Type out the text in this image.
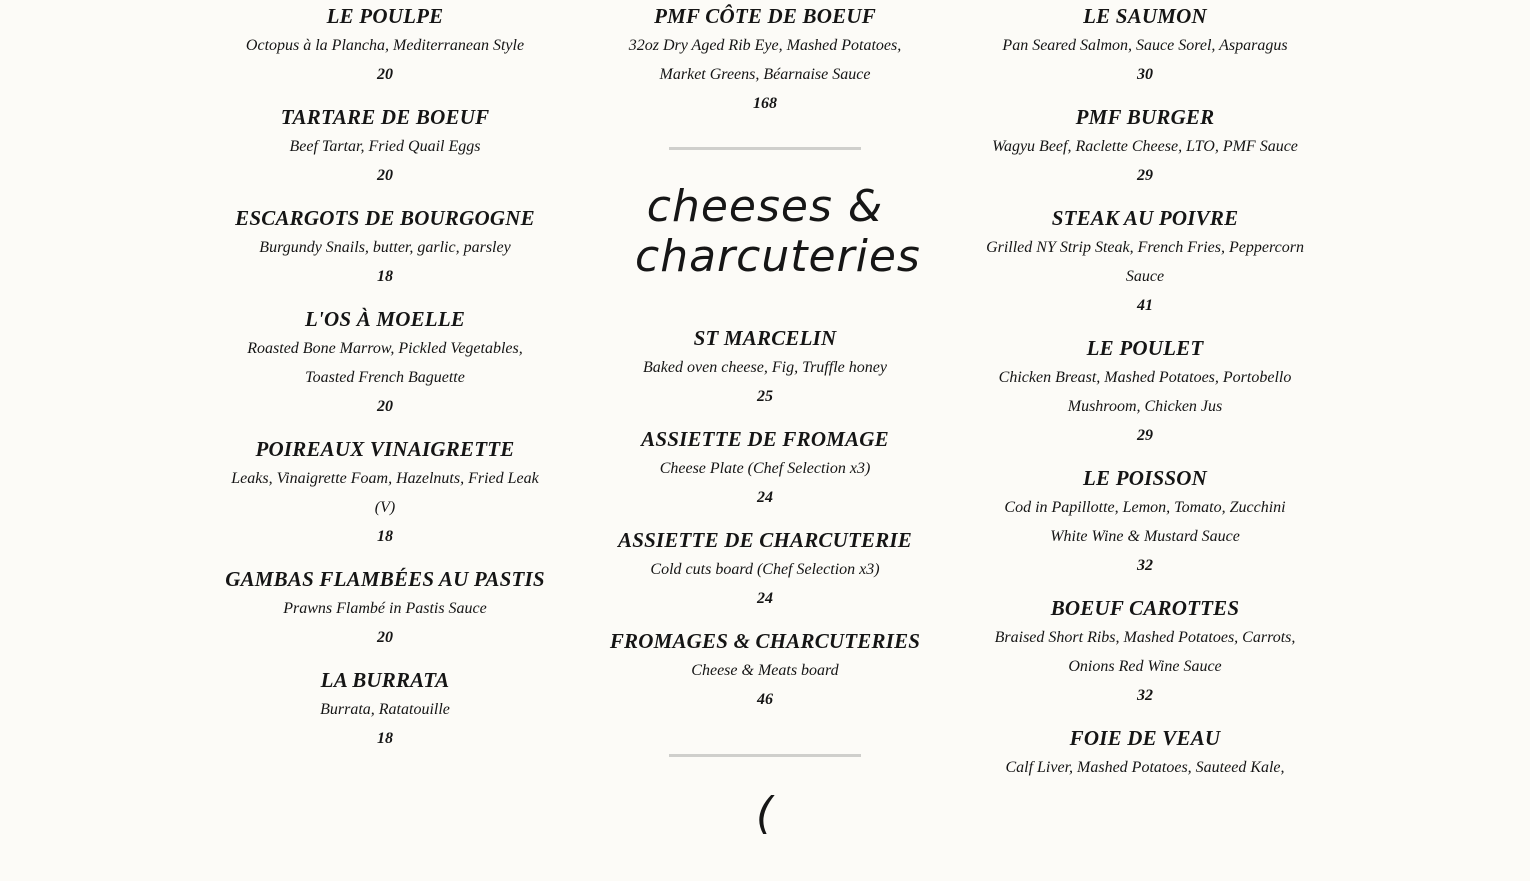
LE POULPE
Octopus à la Plancha, Mediterranean Style
20
TARTARE DE BOEUF
Beef Tartar, Fried Quail Eggs
20
ESCARGOTS DE BOURGOGNE
Burgundy Snails, butter, garlic, parsley
18
L'OS À MOELLE
Roasted Bone Marrow, Pickled Vegetables, Toasted French Baguette
20
POIREAUX VINAIGRETTE
Leaks, Vinaigrette Foam, Hazelnuts, Fried Leak (V)
18
GAMBAS FLAMBÉES AU PASTIS
Prawns Flambé in Pastis Sauce
20
LA BURRATA
Burrata, Ratatouille
18
PMF CÔTE DE BOEUF
32oz Dry Aged Rib Eye, Mashed Potatoes, Market Greens, Béarnaise Sauce
168
cheeses & charcuteries
ST MARCELIN
Baked oven cheese, Fig, Truffle honey
25
ASSIETTE DE FROMAGE
Cheese Plate (Chef Selection x3)
24
ASSIETTE DE CHARCUTERIE
Cold cuts board (Chef Selection x3)
24
FROMAGES & CHARCUTERIES
Cheese & Meats board
46
(
LE SAUMON
Pan Seared Salmon, Sauce Sorel, Asparagus
30
PMF BURGER
Wagyu Beef, Raclette Cheese, LTO, PMF Sauce
29
STEAK AU POIVRE
Grilled NY Strip Steak, French Fries, Peppercorn Sauce
41
LE POULET
Chicken Breast, Mashed Potatoes, Portobello Mushroom, Chicken Jus
29
LE POISSON
Cod in Papillotte, Lemon, Tomato, Zucchini White Wine & Mustard Sauce
32
BOEUF CAROTTES
Braised Short Ribs, Mashed Potatoes, Carrots, Onions Red Wine Sauce
32
FOIE DE VEAU
Calf Liver, Mashed Potatoes, Sauteed Kale,
